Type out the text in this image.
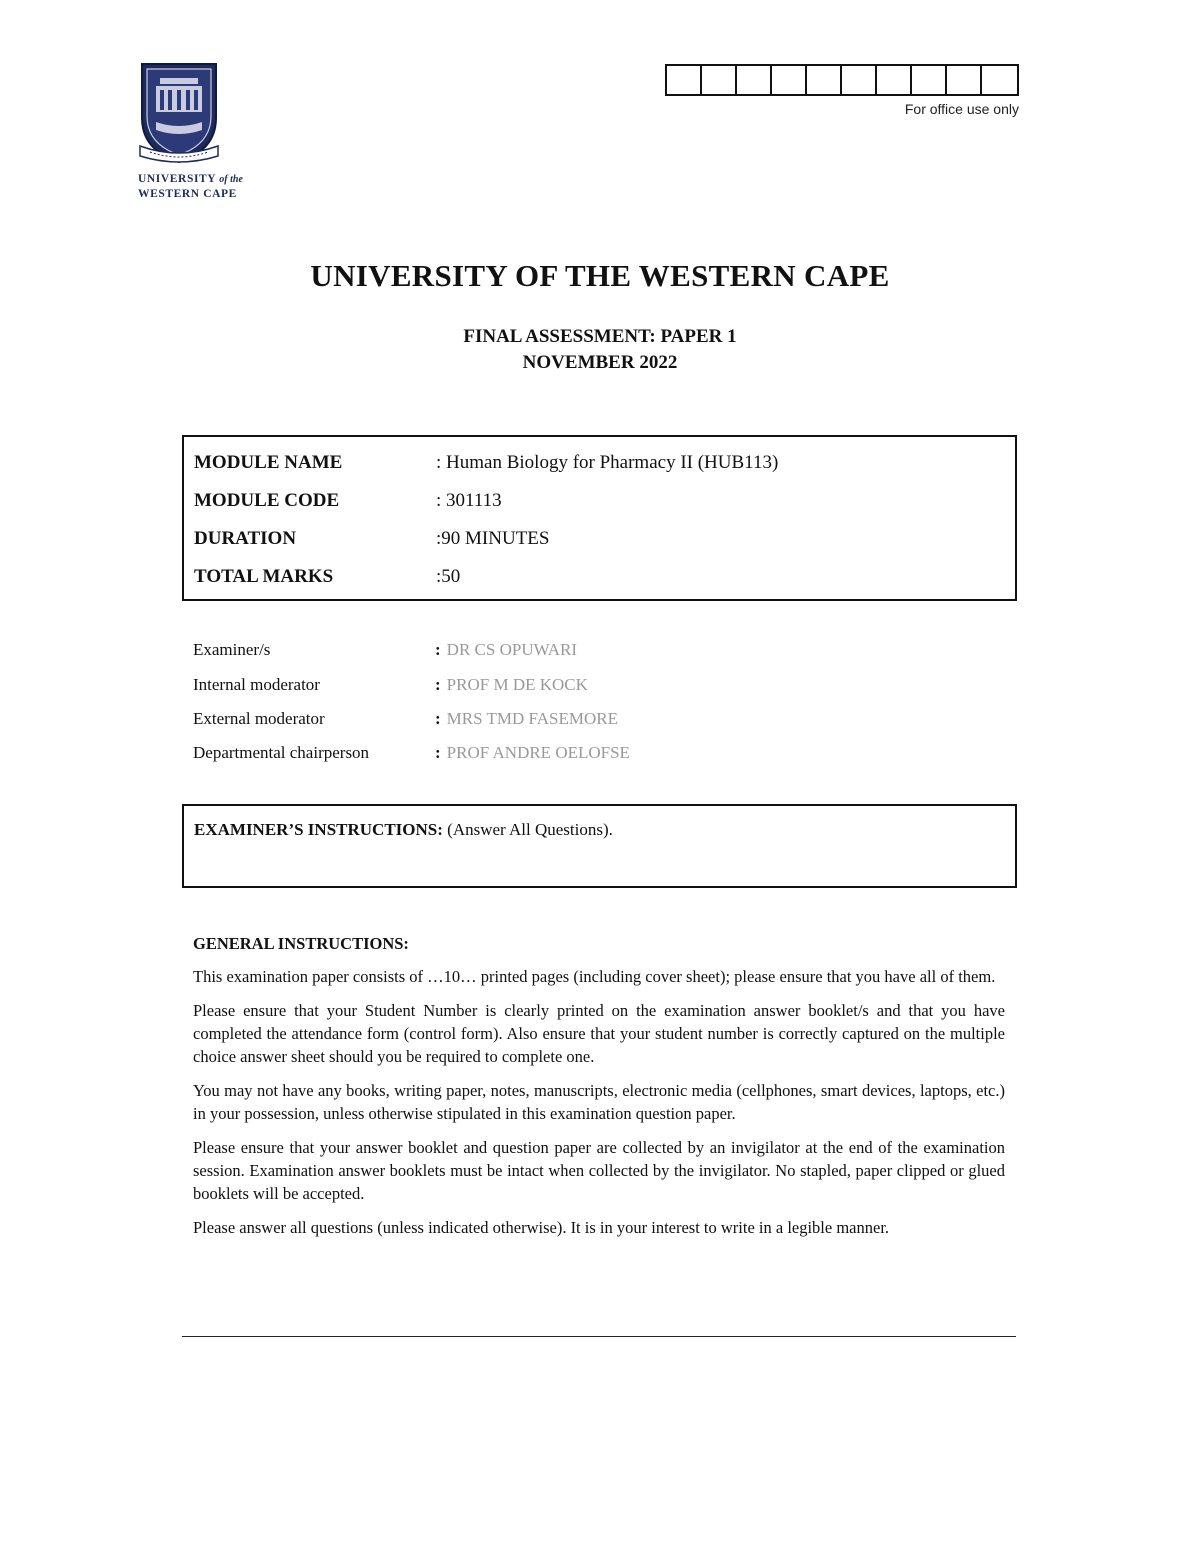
UNIVERSITY of the
WESTERN CAPE
For office use only
UNIVERSITY OF THE WESTERN CAPE
FINAL ASSESSMENT: PAPER 1
NOVEMBER 2022
MODULE NAME	: Human Biology for Pharmacy II (HUB113)
MODULE CODE	: 301113
DURATION	:90 MINUTES
TOTAL MARKS	:50
Examiner/s	: DR CS OPUWARI
Internal moderator	: PROF M DE KOCK
External moderator	: MRS TMD FASEMORE
Departmental chairperson	: PROF ANDRE OELOFSE
EXAMINER’S INSTRUCTIONS: (Answer All Questions).
GENERAL INSTRUCTIONS:

This examination paper consists of …10… printed pages (including cover sheet); please ensure that you have all of them.

Please ensure that your Student Number is clearly printed on the examination answer booklet/s and that you have completed the attendance form (control form). Also ensure that your student number is correctly captured on the multiple choice answer sheet should you be required to complete one.

You may not have any books, writing paper, notes, manuscripts, electronic media (cellphones, smart devices, laptops, etc.) in your possession, unless otherwise stipulated in this examination question paper.

Please ensure that your answer booklet and question paper are collected by an invigilator at the end of the examination session. Examination answer booklets must be intact when collected by the invigilator. No stapled, paper clipped or glued booklets will be accepted.

Please answer all questions (unless indicated otherwise). It is in your interest to write in a legible manner.
